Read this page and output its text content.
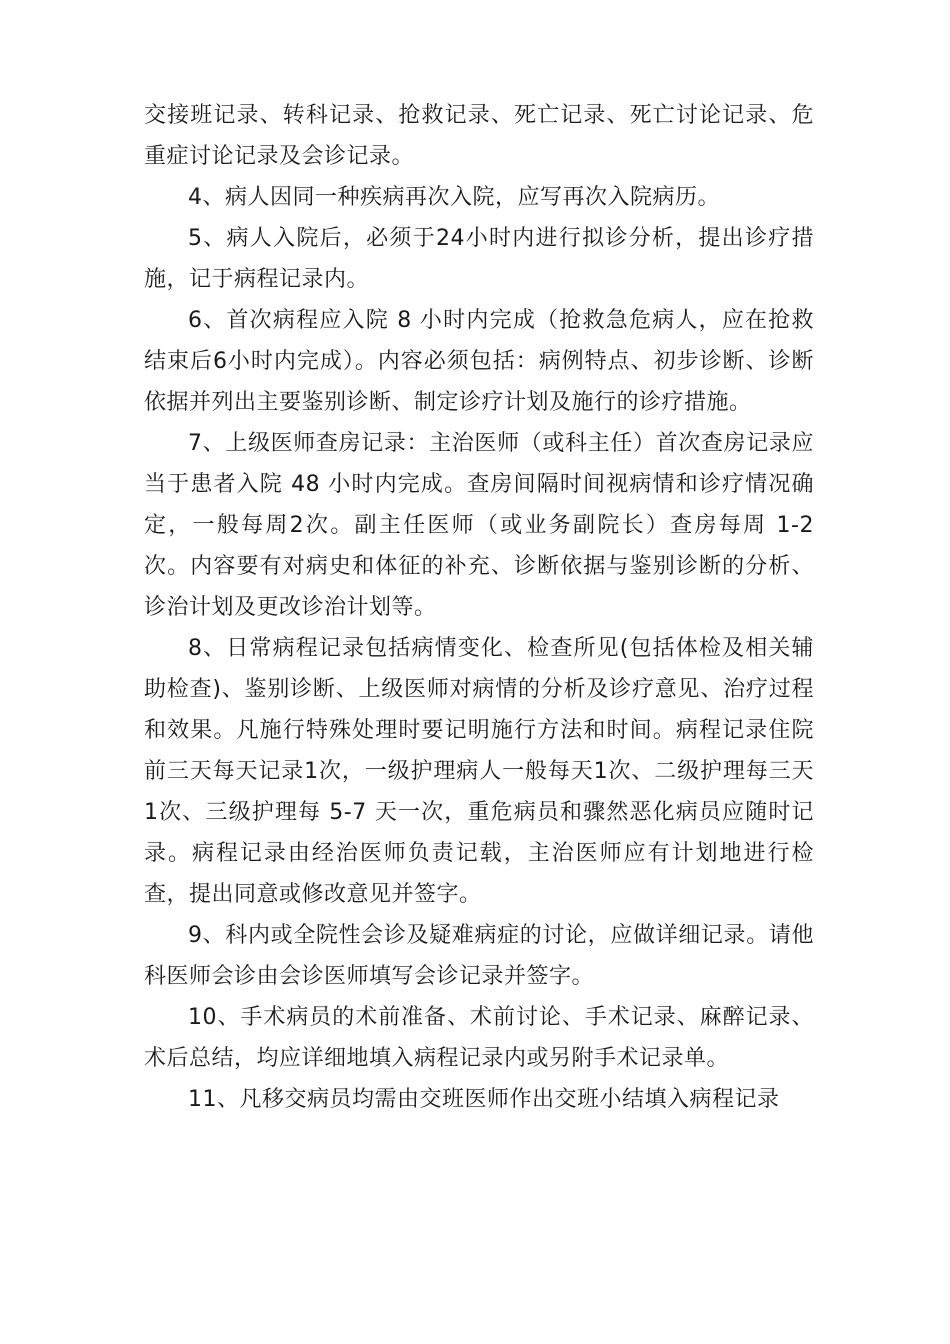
交接班记录、转科记录、抢救记录、死亡记录、死亡讨论记录、危重症讨论记录及会诊记录。

4、病人因同一种疾病再次入院，应写再次入院病历。

5、病人入院后，必须于24小时内进行拟诊分析，提出诊疗措施，记于病程记录内。

6、首次病程应入院 8 小时内完成（抢救急危病人，应在抢救结束后6小时内完成）。内容必须包括：病例特点、初步诊断、诊断依据并列出主要鉴别诊断、制定诊疗计划及施行的诊疗措施。

7、上级医师查房记录：主治医师（或科主任）首次查房记录应当于患者入院 48 小时内完成。查房间隔时间视病情和诊疗情况确定，一般每周2次。副主任医师（或业务副院长）查房每周 1-2 次。内容要有对病史和体征的补充、诊断依据与鉴别诊断的分析、诊治计划及更改诊治计划等。

8、日常病程记录包括病情变化、检查所见(包括体检及相关辅助检查)、鉴别诊断、上级医师对病情的分析及诊疗意见、治疗过程和效果。凡施行特殊处理时要记明施行方法和时间。病程记录住院前三天每天记录1次，一级护理病人一般每天1次、二级护理每三天1次、三级护理每 5-7 天一次，重危病员和骤然恶化病员应随时记录。病程记录由经治医师负责记载，主治医师应有计划地进行检查，提出同意或修改意见并签字。

9、科内或全院性会诊及疑难病症的讨论，应做详细记录。请他科医师会诊由会诊医师填写会诊记录并签字。

10、手术病员的术前准备、术前讨论、手术记录、麻醉记录、术后总结，均应详细地填入病程记录内或另附手术记录单。

11、凡移交病员均需由交班医师作出交班小结填入病程记录
